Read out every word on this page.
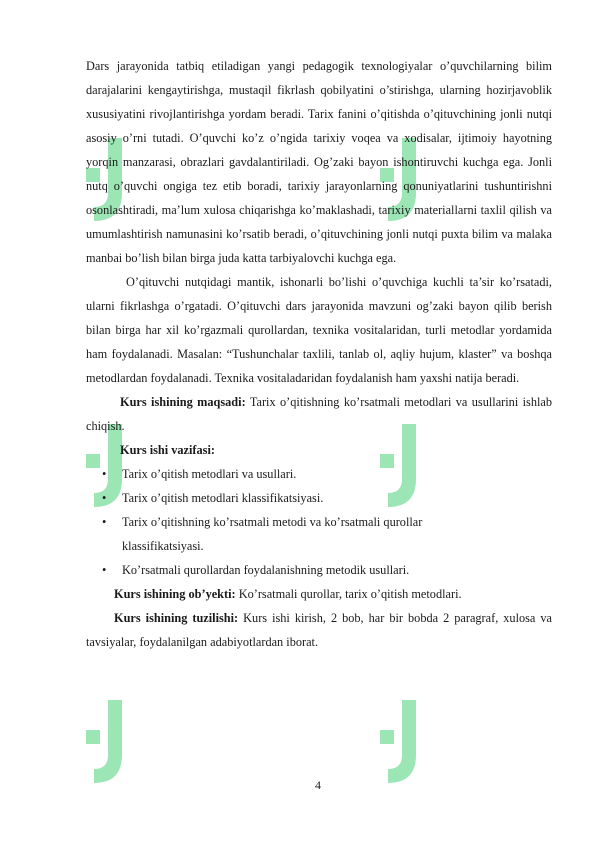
Dars jarayonida tatbiq etiladigan yangi pedagogik texnologiyalar o’quvchilarning bilim darajalarini kengaytirishga, mustaqil fikrlash qobilyatini o’stirishga, ularning hozirjavoblik xususiyatini rivojlantirishga yordam beradi. Tarix fanini o’qitishda o’qituvchining jonli nutqi asosiy o’rni tutadi. O’quvchi ko’z o’ngida tarixiy voqea va xodisalar, ijtimoiy hayotning yorqin manzarasi, obrazlari gavdalantiriladi. Og’zaki bayon ishontiruvchi kuchga ega. Jonli nutq o’quvchi ongiga tez etib boradi, tarixiy jarayonlarning qonuniyatlarini tushuntirishni osonlashtiradi, ma’lum xulosa chiqarishga ko’maklashadi, tarixiy materiallarni taxlil qilish va umumlashtirish namunasini ko’rsatib beradi, o’qituvchining jonli nutqi puxta bilim va malaka manbai bo’lish bilan birga juda katta tarbiyalovchi kuchga ega.

O’qituvchi nutqidagi mantik, ishonarli bo’lishi o’quvchiga kuchli ta’sir ko’rsatadi, ularni fikrlashga o’rgatadi. O’qituvchi dars jarayonida mavzuni og’zaki bayon qilib berish bilan birga har xil ko’rgazmali qurollardan, texnika vositalaridan, turli metodlar yordamida ham foydalanadi. Masalan: “Tushunchalar taxlili, tanlab ol, aqliy hujum, klaster” va boshqa metodlardan foydalanadi. Texnika vositaladaridan foydalanish ham yaxshi natija beradi.

Kurs ishining maqsadi: Tarix o’qitishning ko’rsatmali metodlari va usullarini ishlab chiqish.

Kurs ishi vazifasi:

• Tarix o’qitish metodlari va usullari.
• Tarix o’qitish metodlari klassifikatsiyasi.
• Tarix o’qitishning ko’rsatmali metodi va ko’rsatmali qurollar klassifikatsiyasi.
• Ko’rsatmali qurollardan foydalanishning metodik usullari.

Kurs ishining ob’yekti: Ko’rsatmali qurollar, tarix o’qitish metodlari.

Kurs ishining tuzilishi: Kurs ishi kirish, 2 bob, har bir bobda 2 paragraf, xulosa va tavsiyalar, foydalanilgan adabiyotlardan iborat.

4
